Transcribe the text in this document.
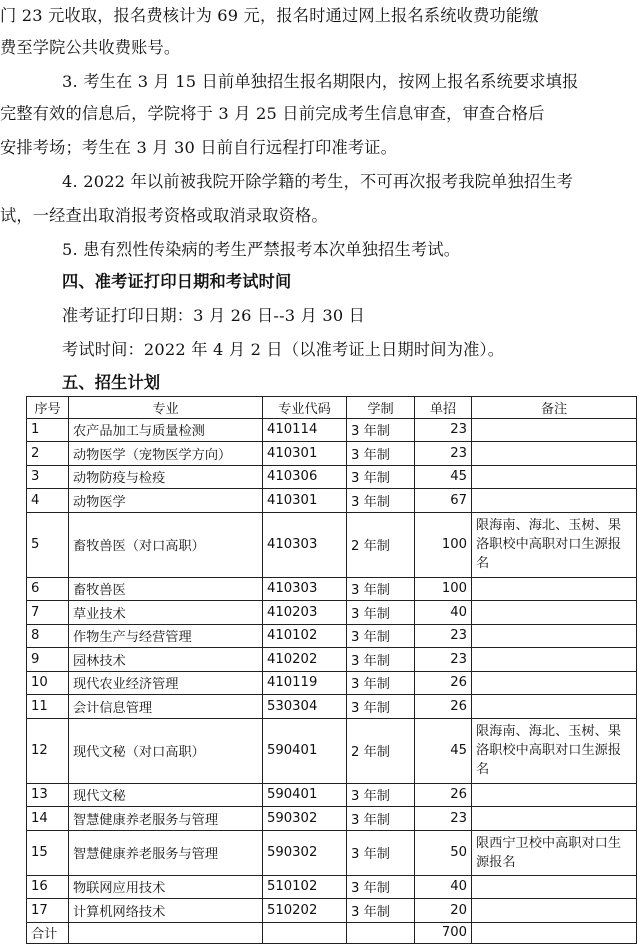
门 23 元收取，报名费核计为 69 元，报名时通过网上报名系统收费功能缴
费至学院公共收费账号。
3. 考生在 3 月 15 日前单独招生报名期限内，按网上报名系统要求填报
完整有效的信息后，学院将于 3 月 25 日前完成考生信息审查，审查合格后
安排考场；考生在 3 月 30 日前自行远程打印准考证。
4. 2022 年以前被我院开除学籍的考生，不可再次报考我院单独招生考
试，一经查出取消报考资格或取消录取资格。
5. 患有烈性传染病的考生严禁报考本次单独招生考试。
四、准考证打印日期和考试时间
准考证打印日期：3 月 26 日--3 月 30 日
考试时间：2022 年 4 月 2 日（以准考证上日期时间为准）。
五、招生计划
序号	专业	专业代码	学制	单招	备注
1	农产品加工与质量检测	410114	3 年制	23	
2	动物医学（宠物医学方向）	410301	3 年制	23	
3	动物防疫与检疫	410306	3 年制	45	
4	动物医学	410301	3 年制	67	
5	畜牧兽医（对口高职）	410303	2 年制	100	限海南、海北、玉树、果洛职校中高职对口生源报名
6	畜牧兽医	410303	3 年制	100	
7	草业技术	410203	3 年制	40	
8	作物生产与经营管理	410102	3 年制	23	
9	园林技术	410202	3 年制	23	
10	现代农业经济管理	410119	3 年制	26	
11	会计信息管理	530304	3 年制	26	
12	现代文秘（对口高职）	590401	2 年制	45	限海南、海北、玉树、果洛职校中高职对口生源报名
13	现代文秘	590401	3 年制	26	
14	智慧健康养老服务与管理	590302	3 年制	23	
15	智慧健康养老服务与管理	590302	3 年制	50	限西宁卫校中高职对口生源报名
16	物联网应用技术	510102	3 年制	40	
17	计算机网络技术	510202	3 年制	20	
合计				700	
